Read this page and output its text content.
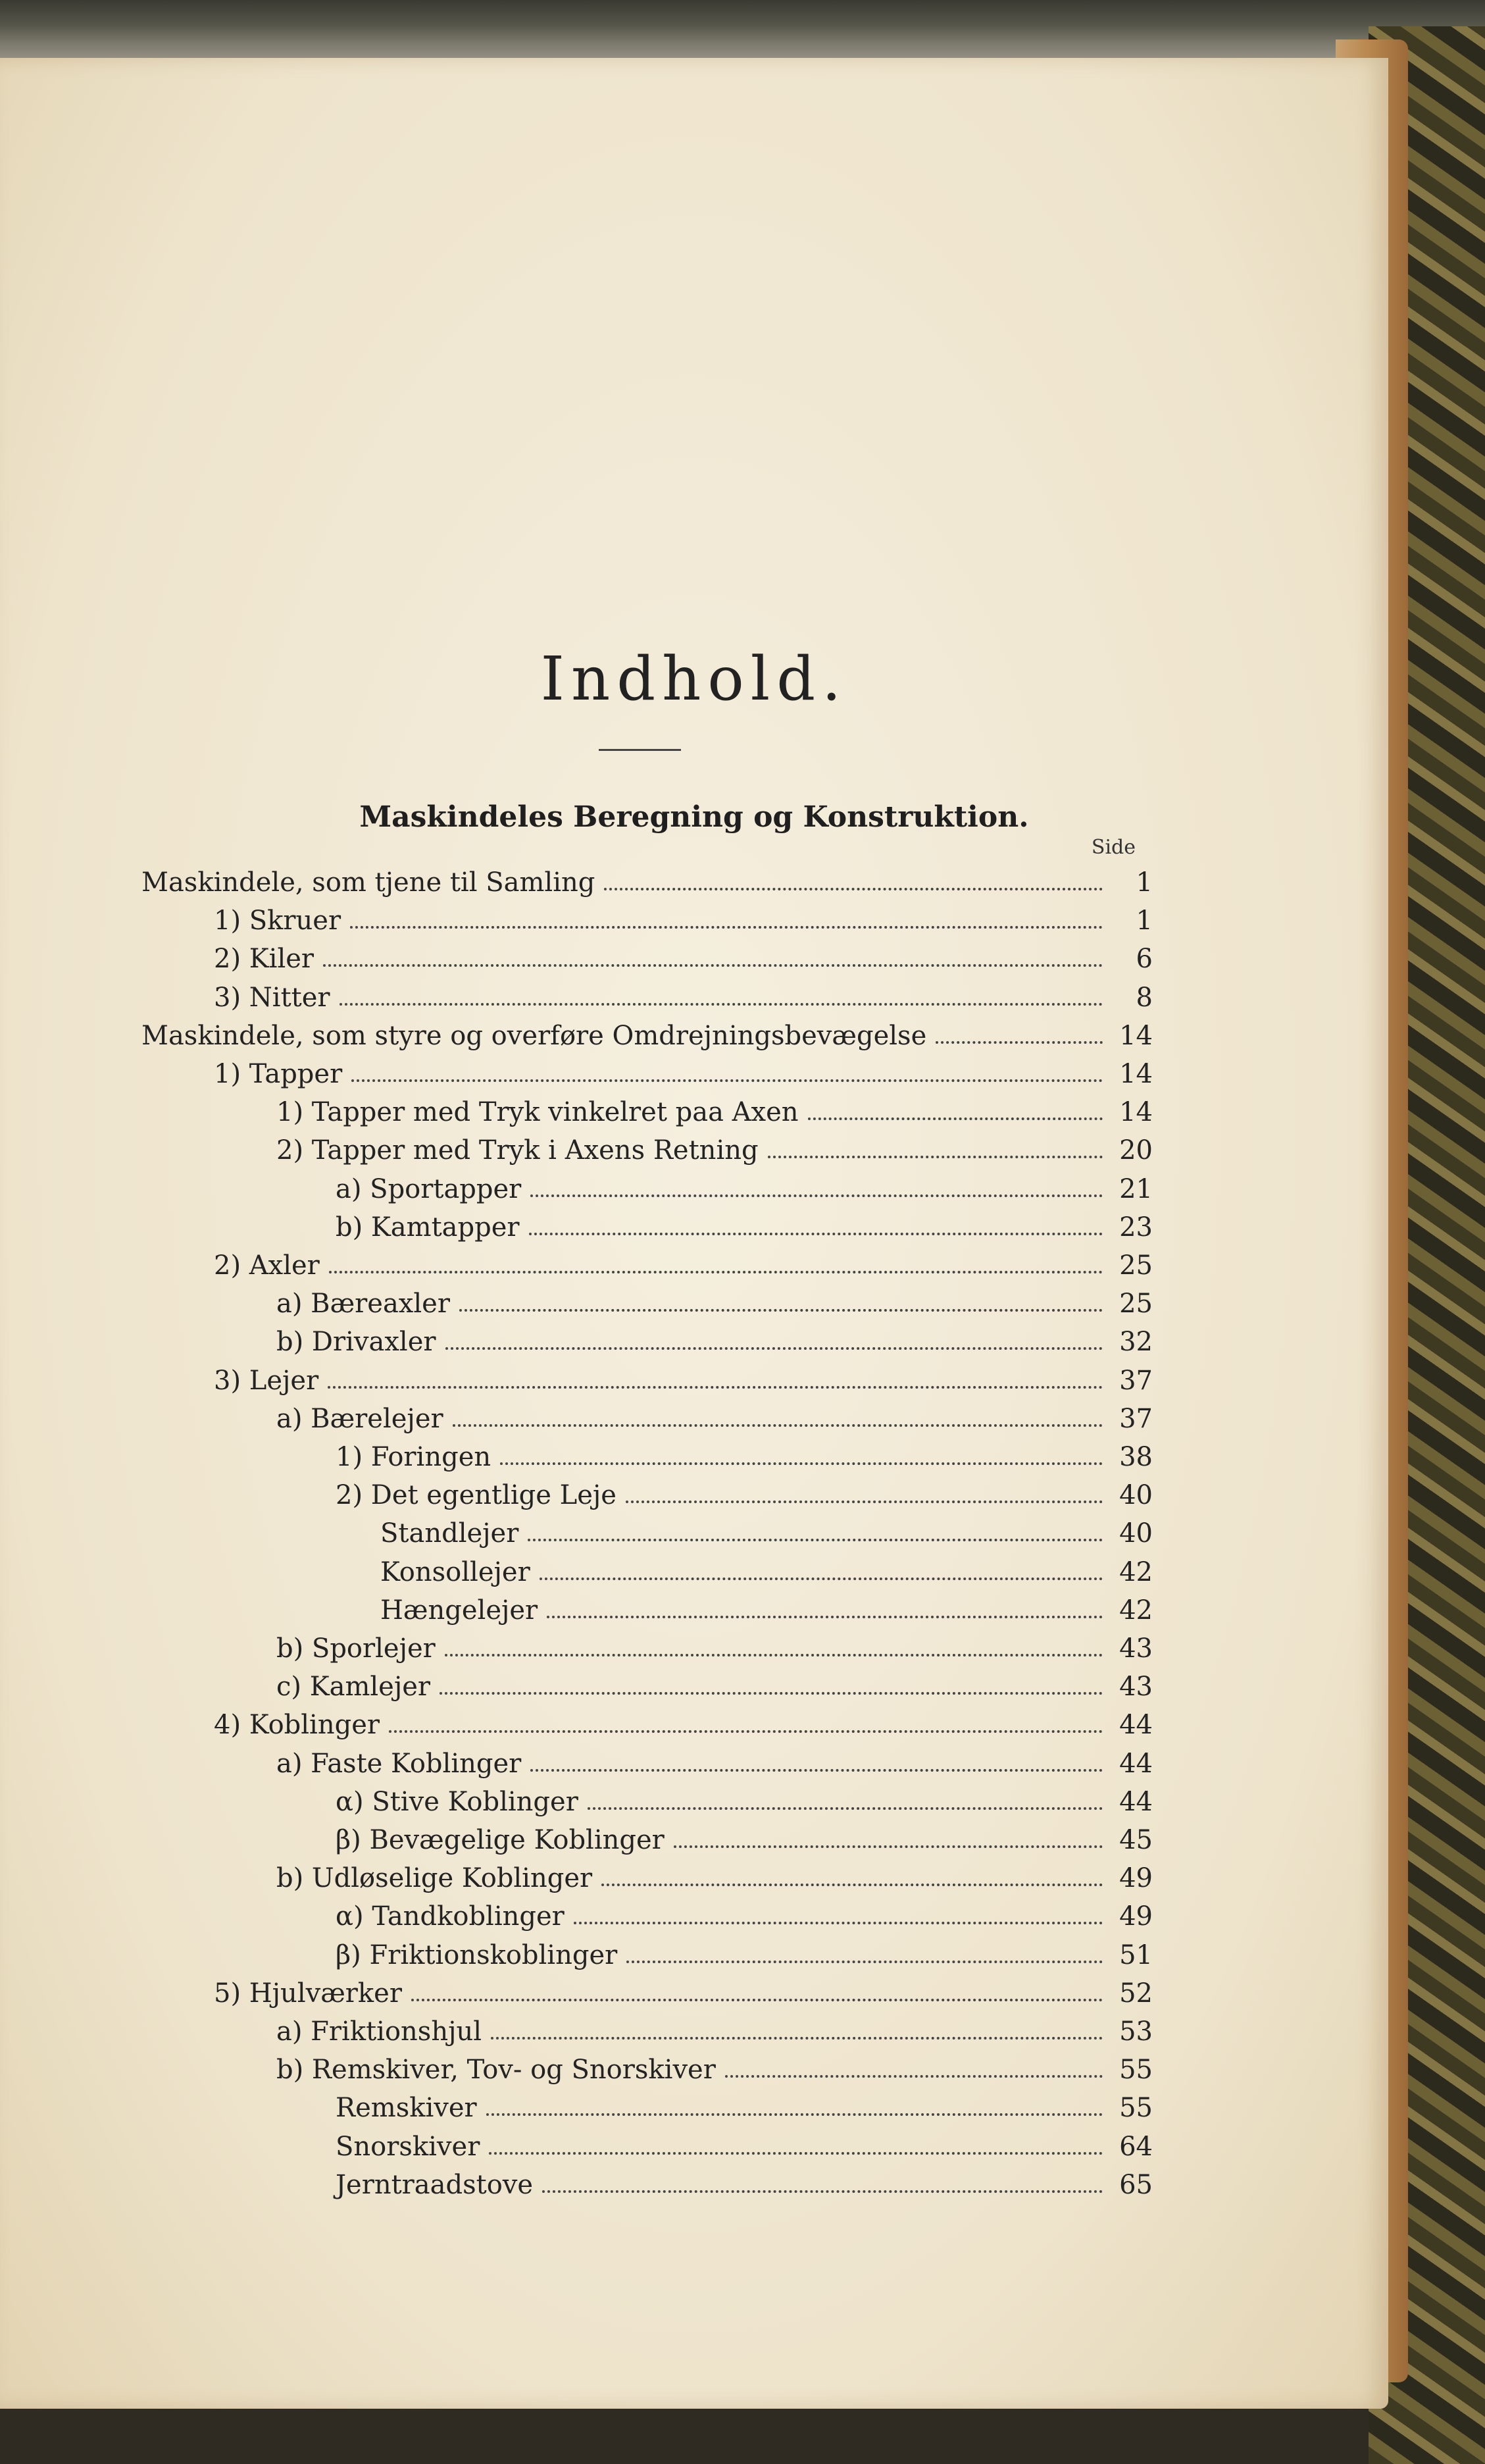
Indhold.
Maskindeles Beregning og Konstruktion.
Side
Maskindele, som tjene til Samling	1
1) Skruer	1
2) Kiler	6
3) Nitter	8
Maskindele, som styre og overføre Omdrejningsbevægelse	14
1) Tapper	14
1) Tapper med Tryk vinkelret paa Axen	14
2) Tapper med Tryk i Axens Retning	20
a) Sportapper	21
b) Kamtapper	23
2) Axler	25
a) Bæreaxler	25
b) Drivaxler	32
3) Lejer	37
a) Bærelejer	37
1) Foringen	38
2) Det egentlige Leje	40
Standlejer	40
Konsollejer	42
Hængelejer	42
b) Sporlejer	43
c) Kamlejer	43
4) Koblinger	44
a) Faste Koblinger	44
α) Stive Koblinger	44
β) Bevægelige Koblinger	45
b) Udløselige Koblinger	49
α) Tandkoblinger	49
β) Friktionskoblinger	51
5) Hjulværker	52
a) Friktionshjul	53
b) Remskiver, Tov- og Snorskiver	55
Remskiver	55
Snorskiver	64
Jerntraadstove	65
